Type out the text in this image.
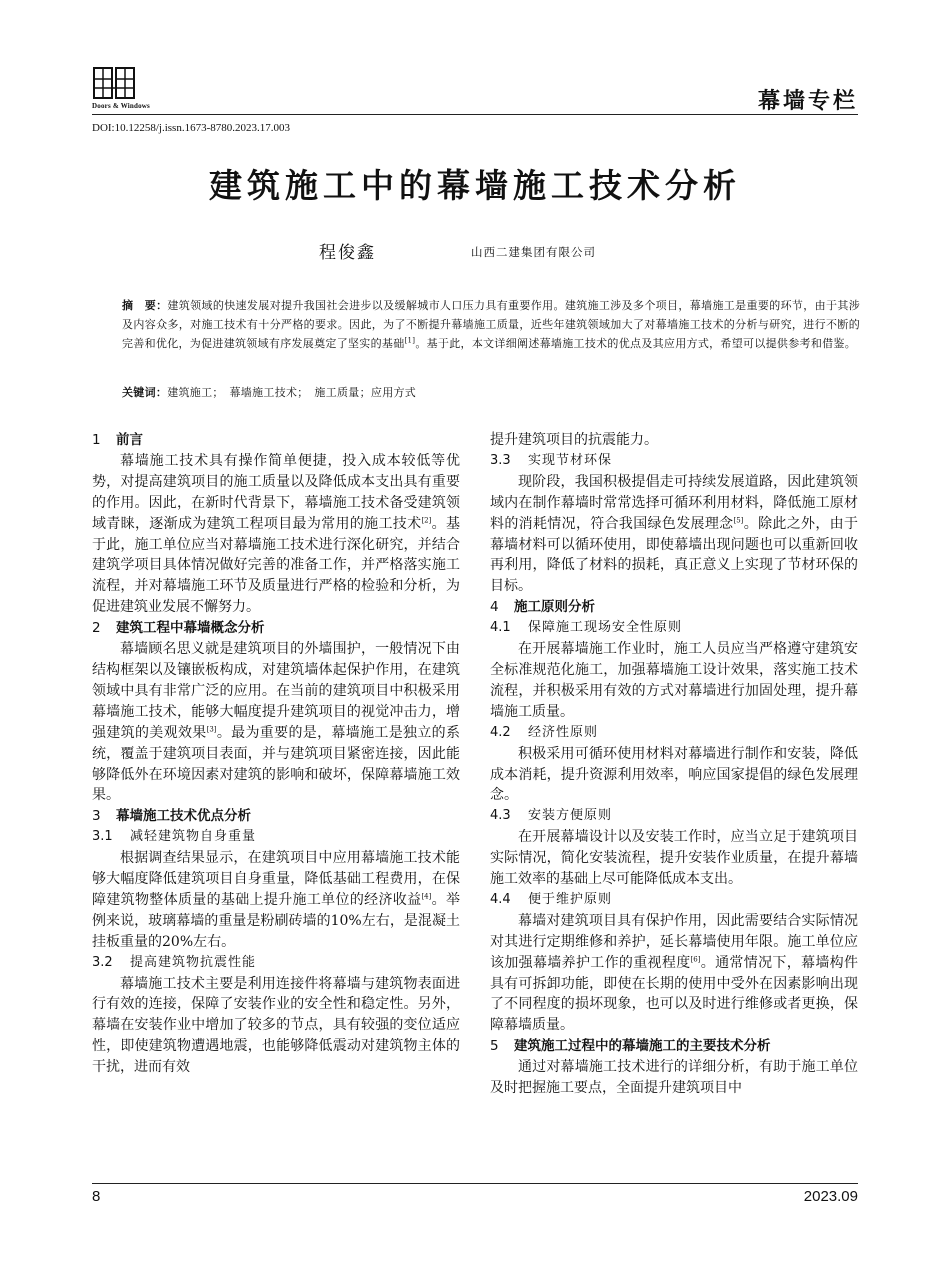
Doors & Windows	幕墙专栏
DOI:10.12258/j.issn.1673-8780.2023.17.003
建筑施工中的幕墙施工技术分析
程俊鑫	山西二建集团有限公司
摘　要：建筑领域的快速发展对提升我国社会进步以及缓解城市人口压力具有重要作用。建筑施工涉及多个项目，幕墙施工是重要的环节，由于其涉及内容众多，对施工技术有十分严格的要求。因此，为了不断提升幕墙施工质量，近些年建筑领域加大了对幕墙施工技术的分析与研究，进行不断的完善和优化，为促进建筑领域有序发展奠定了坚实的基础[1]。基于此，本文详细阐述幕墙施工技术的优点及其应用方式，希望可以提供参考和借鉴。
关键词：建筑施工；　幕墙施工技术；　施工质量；应用方式
1 前言

幕墙施工技术具有操作简单便捷，投入成本较低等优势，对提高建筑项目的施工质量以及降低成本支出具有重要的作用。因此，在新时代背景下，幕墙施工技术备受建筑领域青睐，逐渐成为建筑工程项目最为常用的施工技术[2]。基于此，施工单位应当对幕墙施工技术进行深化研究，并结合建筑学项目具体情况做好完善的准备工作，并严格落实施工流程，并对幕墙施工环节及质量进行严格的检验和分析，为促进建筑业发展不懈努力。

2 建筑工程中幕墙概念分析

幕墙顾名思义就是建筑项目的外墙围护，一般情况下由结构框架以及镶嵌板构成，对建筑墙体起保护作用，在建筑领域中具有非常广泛的应用。在当前的建筑项目中积极采用幕墙施工技术，能够大幅度提升建筑项目的视觉冲击力，增强建筑的美观效果[3]。最为重要的是，幕墙施工是独立的系统，覆盖于建筑项目表面，并与建筑项目紧密连接，因此能够降低外在环境因素对建筑的影响和破坏，保障幕墙施工效果。

3 幕墙施工技术优点分析
3.1 减轻建筑物自身重量

根据调查结果显示，在建筑项目中应用幕墙施工技术能够大幅度降低建筑项目自身重量，降低基础工程费用，在保障建筑物整体质量的基础上提升施工单位的经济收益[4]。举例来说，玻璃幕墙的重量是粉刷砖墙的10%左右，是混凝土挂板重量的20%左右。

3.2 提高建筑物抗震性能

幕墙施工技术主要是利用连接件将幕墙与建筑物表面进行有效的连接，保障了安装作业的安全性和稳定性。另外，幕墙在安装作业中增加了较多的节点，具有较强的变位适应性，即使建筑物遭遇地震，也能够降低震动对建筑物主体的干扰，进而有效

提升建筑项目的抗震能力。

3.3 实现节材环保

现阶段，我国积极提倡走可持续发展道路，因此建筑领域内在制作幕墙时常常选择可循环利用材料，降低施工原材料的消耗情况，符合我国绿色发展理念[5]。除此之外，由于幕墙材料可以循环使用，即使幕墙出现问题也可以重新回收再利用，降低了材料的损耗，真正意义上实现了节材环保的目标。

4 施工原则分析
4.1 保障施工现场安全性原则

在开展幕墙施工作业时，施工人员应当严格遵守建筑安全标准规范化施工，加强幕墙施工设计效果，落实施工技术流程，并积极采用有效的方式对幕墙进行加固处理，提升幕墙施工质量。

4.2 经济性原则

积极采用可循环使用材料对幕墙进行制作和安装，降低成本消耗，提升资源利用效率，响应国家提倡的绿色发展理念。

4.3 安装方便原则

在开展幕墙设计以及安装工作时，应当立足于建筑项目实际情况，简化安装流程，提升安装作业质量，在提升幕墙施工效率的基础上尽可能降低成本支出。

4.4 便于维护原则

幕墙对建筑项目具有保护作用，因此需要结合实际情况对其进行定期维修和养护，延长幕墙使用年限。施工单位应该加强幕墙养护工作的重视程度[6]。通常情况下，幕墙构件具有可拆卸功能，即使在长期的使用中受外在因素影响出现了不同程度的损坏现象，也可以及时进行维修或者更换，保障幕墙质量。

5 建筑施工过程中的幕墙施工的主要技术分析

通过对幕墙施工技术进行的详细分析，有助于施工单位及时把握施工要点，全面提升建筑项目中

8	2023.09
